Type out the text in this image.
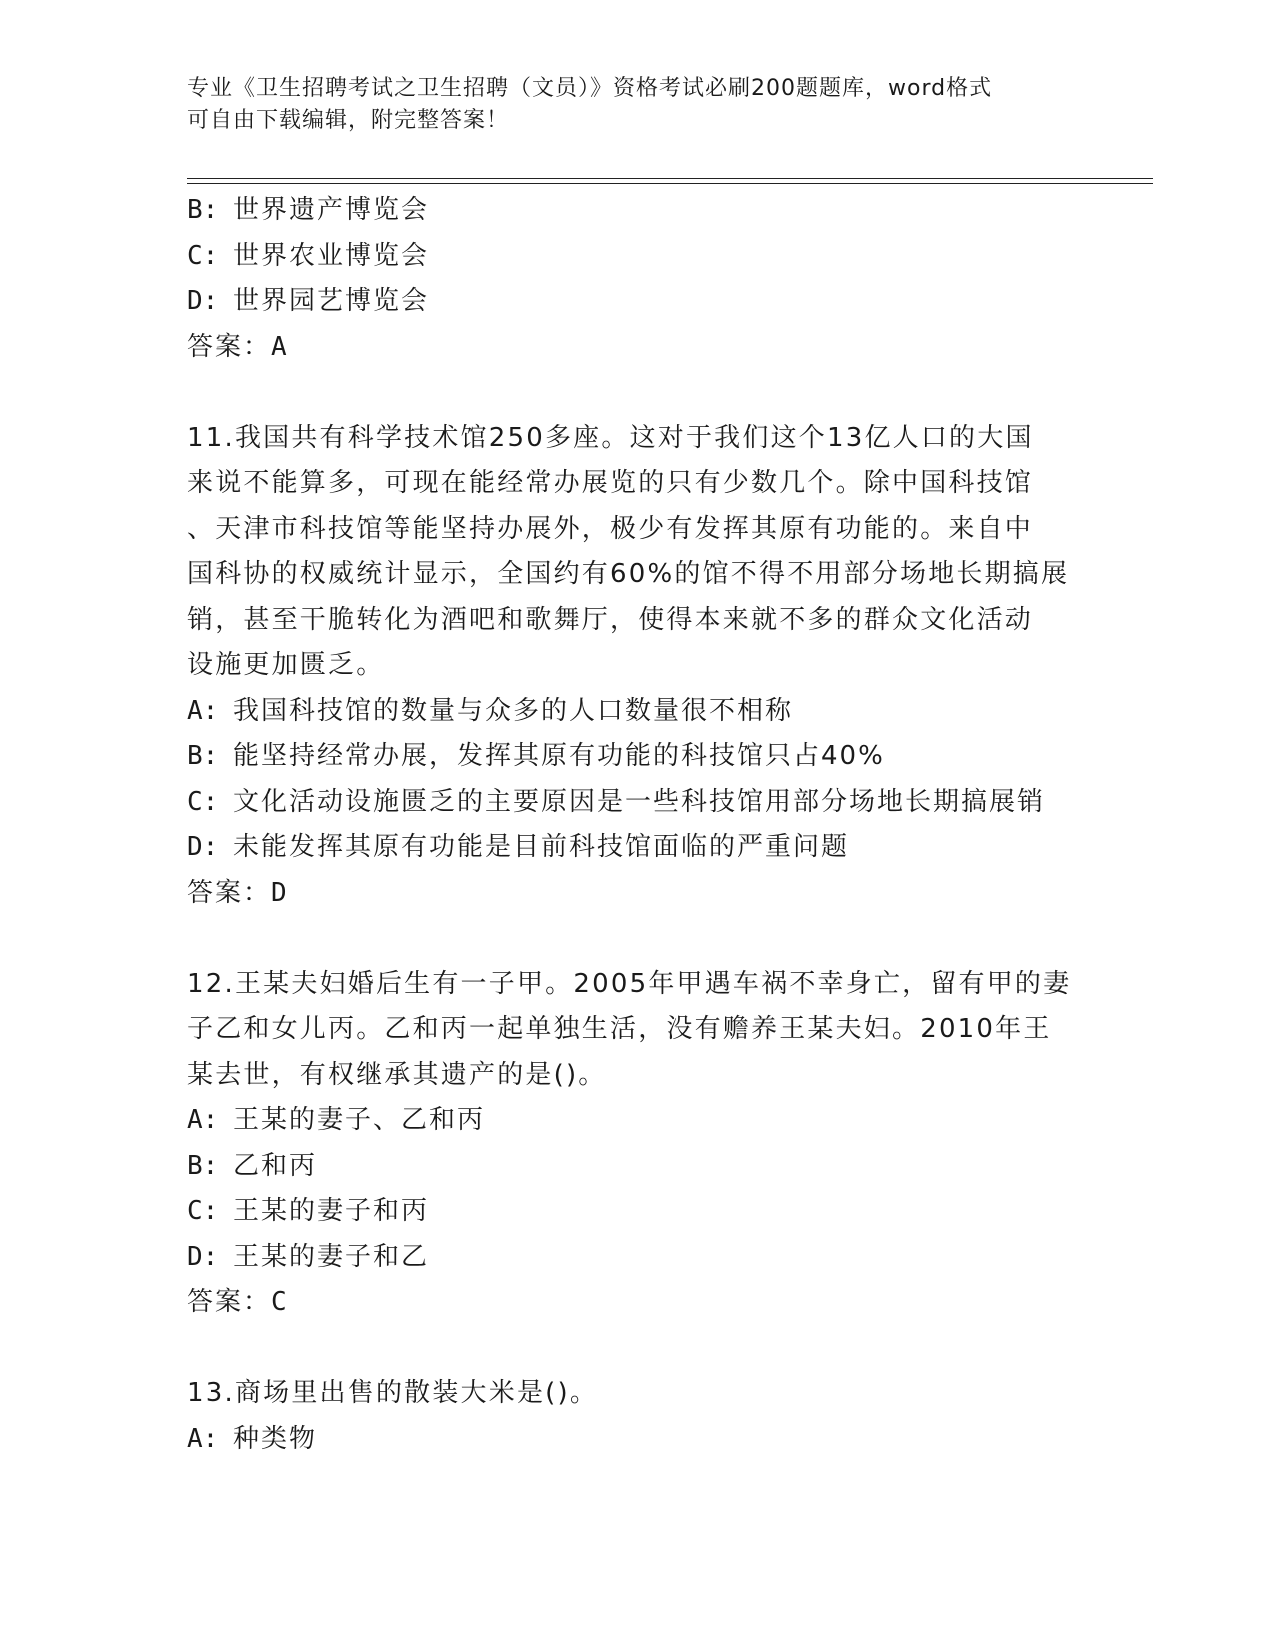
专业《卫生招聘考试之卫生招聘（文员）》资格考试必刷200题题库，word格式
可自由下载编辑，附完整答案！
B: 世界遗产博览会
C: 世界农业博览会
D: 世界园艺博览会
答案：A
11.我国共有科学技术馆250多座。这对于我们这个13亿人口的大国
来说不能算多，可现在能经常办展览的只有少数几个。除中国科技馆
、天津市科技馆等能坚持办展外，极少有发挥其原有功能的。来自中
国科协的权威统计显示，全国约有60%的馆不得不用部分场地长期搞展
销，甚至干脆转化为酒吧和歌舞厅，使得本来就不多的群众文化活动
设施更加匮乏。
A: 我国科技馆的数量与众多的人口数量很不相称
B: 能坚持经常办展，发挥其原有功能的科技馆只占40%
C: 文化活动设施匮乏的主要原因是一些科技馆用部分场地长期搞展销
D: 未能发挥其原有功能是目前科技馆面临的严重问题
答案：D
12.王某夫妇婚后生有一子甲。2005年甲遇车祸不幸身亡，留有甲的妻
子乙和女儿丙。乙和丙一起单独生活，没有赡养王某夫妇。2010年王
某去世，有权继承其遗产的是()。
A: 王某的妻子、乙和丙
B: 乙和丙
C: 王某的妻子和丙
D: 王某的妻子和乙
答案：C
13.商场里出售的散装大米是()。
A: 种类物
